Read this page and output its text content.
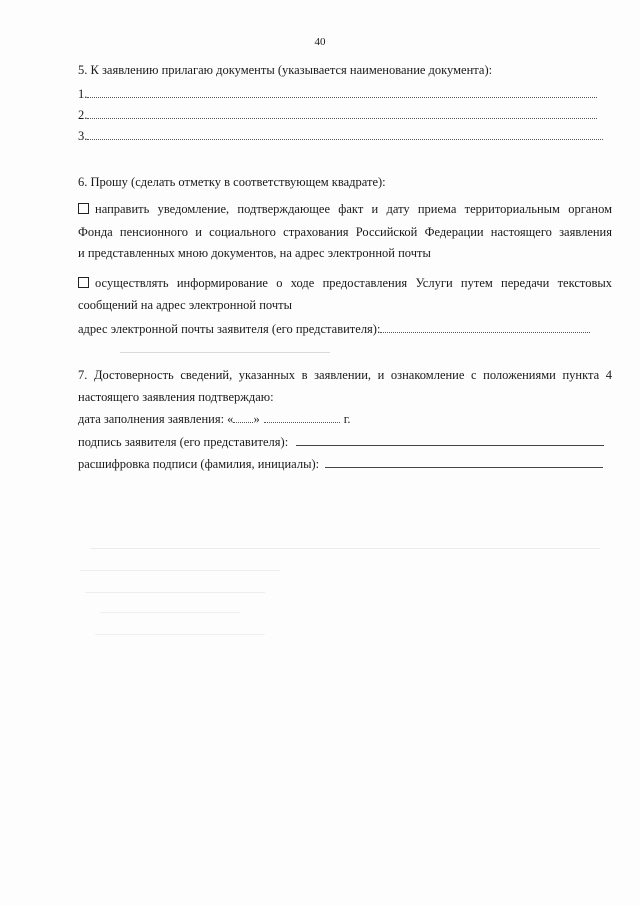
40
5. К заявлению прилагаю документы (указывается наименование документа):
1.
2.
3.
6. Прошу (сделать отметку в соответствующем квадрате):
направить уведомление, подтверждающее факт и дату приема территориальным органом
Фонда пенсионного и социального страхования Российской Федерации настоящего заявления
и представленных мною документов, на адрес электронной почты
осуществлять информирование о ходе предоставления Услуги путем передачи текстовых
сообщений на адрес электронной почты
адрес электронной почты заявителя (его представителя):
7. Достоверность сведений, указанных в заявлении, и ознакомление с положениями пункта 4
настоящего заявления подтверждаю:
дата заполнения заявления: « »	г.
подпись заявителя (его представителя):
расшифровка подписи (фамилия, инициалы):
